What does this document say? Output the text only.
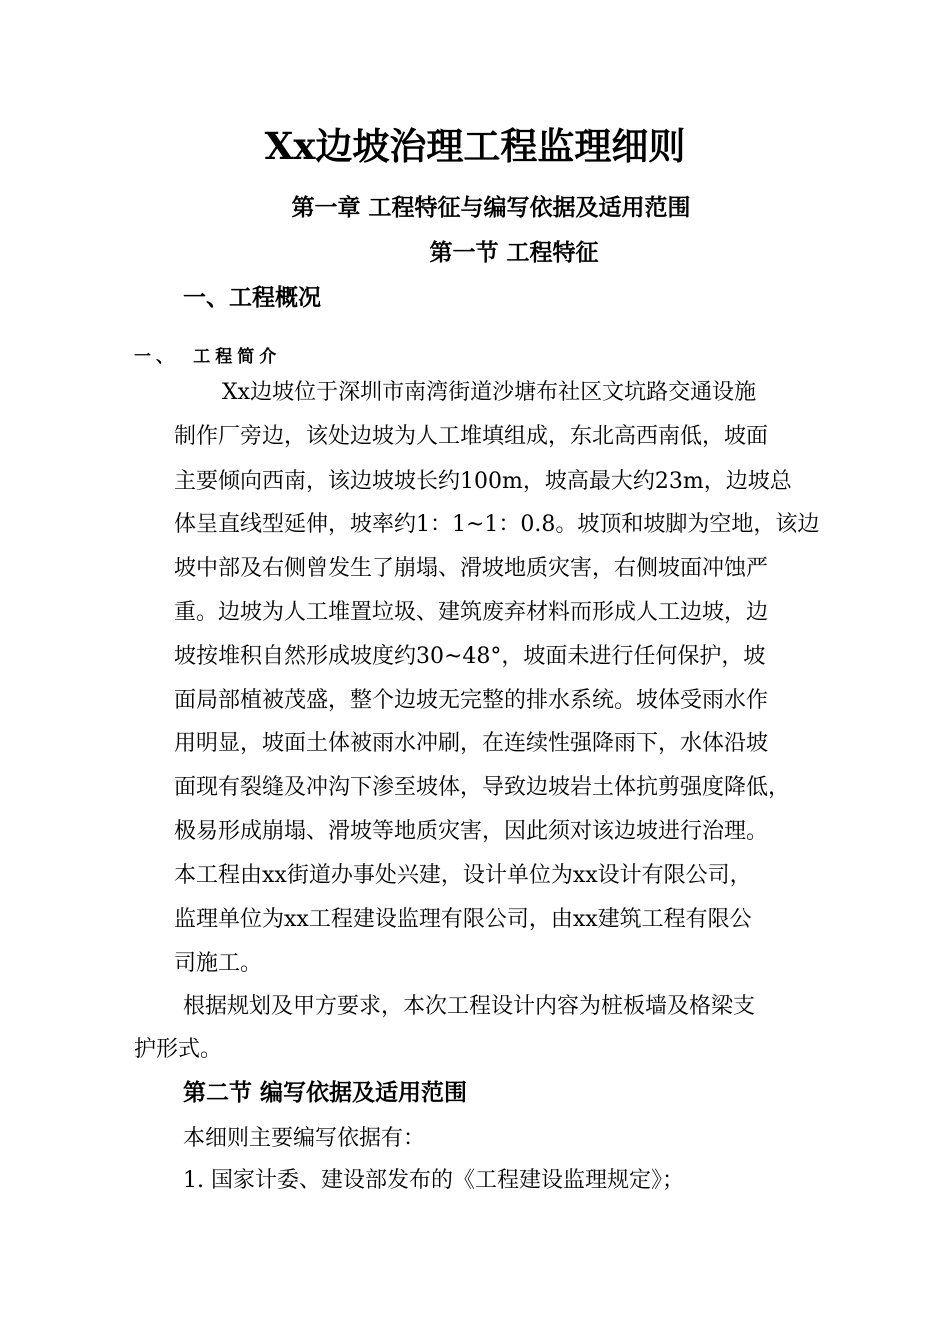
Xx边坡治理工程监理细则
第一章 工程特征与编写依据及适用范围
第一节 工程特征
一、工程概况
一、 工程简介
Xx边坡位于深圳市南湾街道沙塘布社区文坑路交通设施
制作厂旁边，该处边坡为人工堆填组成，东北高西南低，坡面
主要倾向西南，该边坡坡长约100m，坡高最大约23m，边坡总
体呈直线型延伸，坡率约1：1~1：0.8。坡顶和坡脚为空地，该边
坡中部及右侧曾发生了崩塌、滑坡地质灾害，右侧坡面冲蚀严
重。边坡为人工堆置垃圾、建筑废弃材料而形成人工边坡，边
坡按堆积自然形成坡度约30~48°，坡面未进行任何保护，坡
面局部植被茂盛，整个边坡无完整的排水系统。坡体受雨水作
用明显，坡面土体被雨水冲刷，在连续性强降雨下，水体沿坡
面现有裂缝及冲沟下渗至坡体，导致边坡岩土体抗剪强度降低，
极易形成崩塌、滑坡等地质灾害，因此须对该边坡进行治理。
本工程由xx街道办事处兴建，设计单位为xx设计有限公司，
监理单位为xx工程建设监理有限公司，由xx建筑工程有限公
司施工。
根据规划及甲方要求，本次工程设计内容为桩板墙及格梁支
护形式。
第二节 编写依据及适用范围
本细则主要编写依据有：
1. 国家计委、建设部发布的《工程建设监理规定》；
